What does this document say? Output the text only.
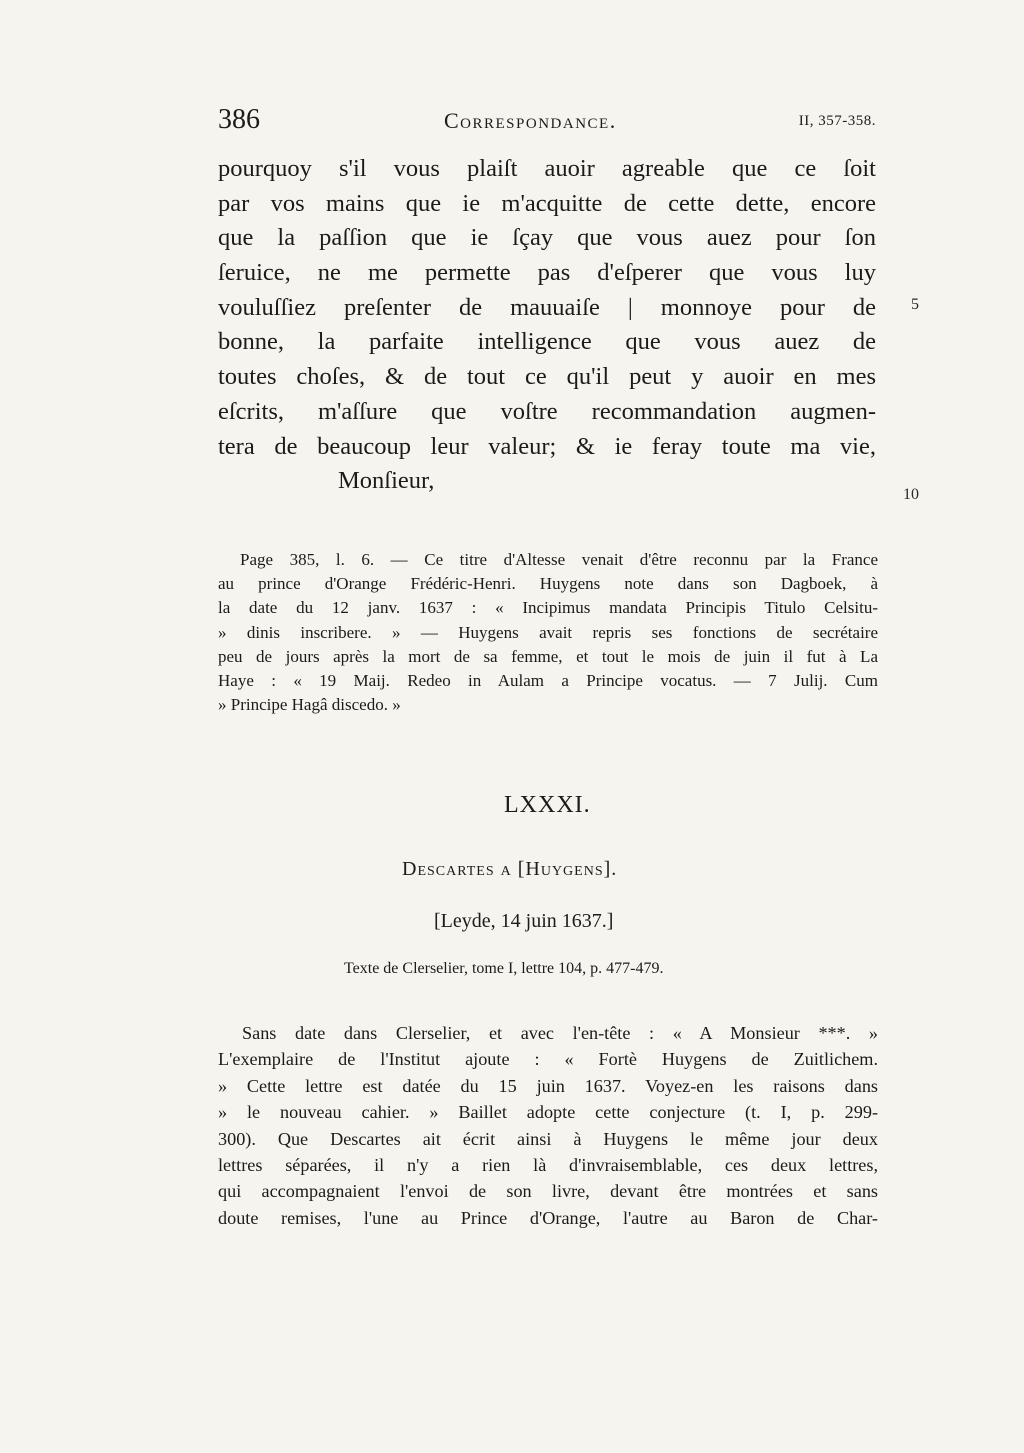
386	Correspondance.	II, 357-358.
pourquoy s'il vous plaiſt auoir agreable que ce ſoit
par vos mains que ie m'acquitte de cette dette, encore
que la paſſion que ie ſçay que vous auez pour ſon
ſeruice, ne me permette pas d'eſperer que vous luy
vouluſſiez preſenter de mauuaiſe | monnoye pour de
bonne, la parfaite intelligence que vous auez de
toutes choſes, & de tout ce qu'il peut y auoir en mes
eſcrits, m'aſſure que voſtre recommandation augmen-
tera de beaucoup leur valeur; & ie feray toute ma vie,
Monſieur,
5
10
Page 385, l. 6. — Ce titre d'Altesse venait d'être reconnu par la France
au prince d'Orange Frédéric-Henri. Huygens note dans son Dagboek, à
la date du 12 janv. 1637 : « Incipimus mandata Principis Titulo Celsitu-
» dinis inscribere. » — Huygens avait repris ses fonctions de secrétaire
peu de jours après la mort de sa femme, et tout le mois de juin il fut à La
Haye : « 19 Maij. Redeo in Aulam a Principe vocatus. — 7 Julij. Cum
» Principe Hagâ discedo. »
LXXXI.
Descartes a [Huygens].
[Leyde, 14 juin 1637.]
Texte de Clerselier, tome I, lettre 104, p. 477-479.
Sans date dans Clerselier, et avec l'en-tête : « A Monsieur ***. »
L'exemplaire de l'Institut ajoute : « Fortè Huygens de Zuitlichem.
» Cette lettre est datée du 15 juin 1637. Voyez-en les raisons dans
» le nouveau cahier. » Baillet adopte cette conjecture (t. I, p. 299-
300). Que Descartes ait écrit ainsi à Huygens le même jour deux
lettres séparées, il n'y a rien là d'invraisemblable, ces deux lettres,
qui accompagnaient l'envoi de son livre, devant être montrées et sans
doute remises, l'une au Prince d'Orange, l'autre au Baron de Char-
